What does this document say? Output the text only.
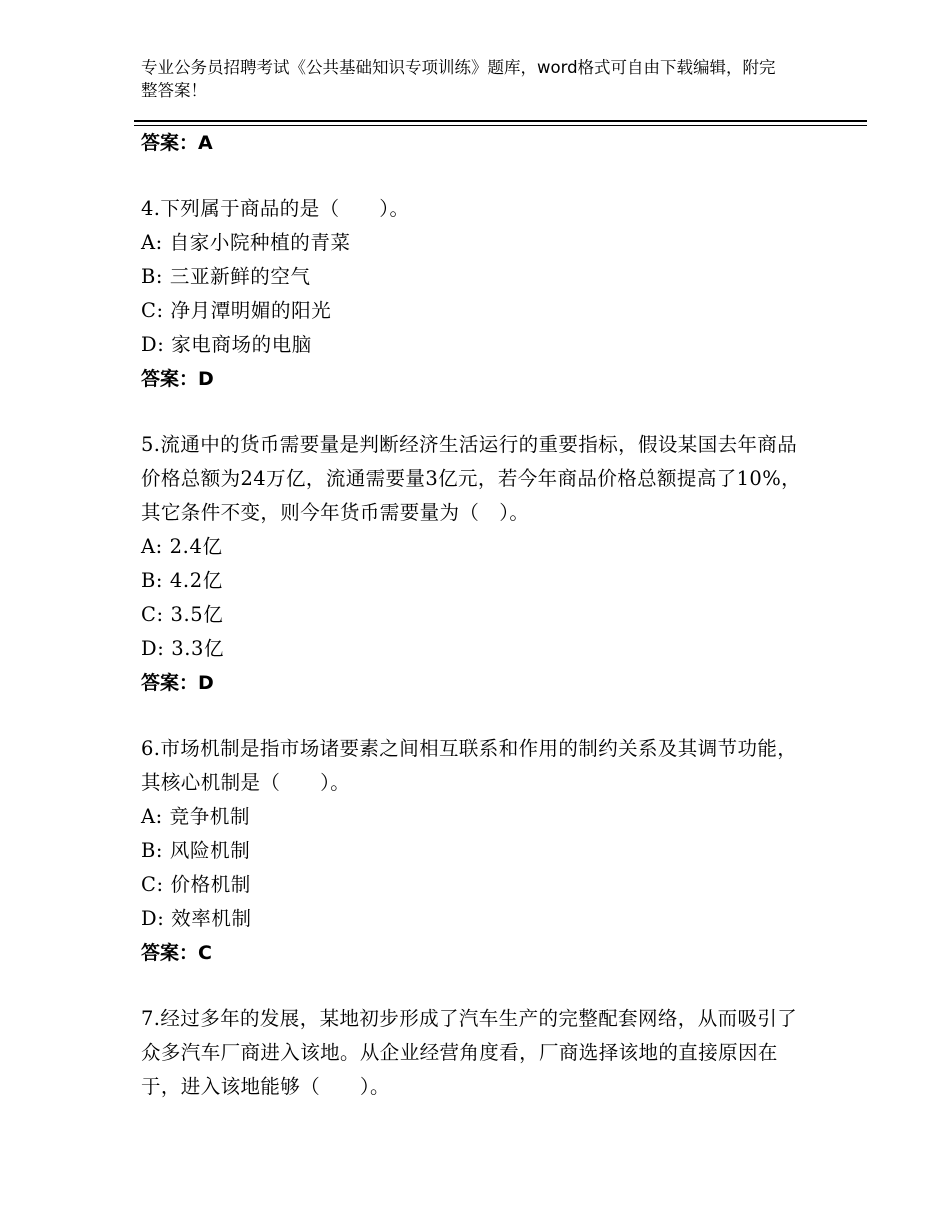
专业公务员招聘考试《公共基础知识专项训练》题库，word格式可自由下载编辑，附完整答案！
答案：A
4.下列属于商品的是（　　）。
A: 自家小院种植的青菜
B: 三亚新鲜的空气
C: 净月潭明媚的阳光
D: 家电商场的电脑
答案：D
5.流通中的货币需要量是判断经济生活运行的重要指标，假设某国去年商品价格总额为24万亿，流通需要量3亿元，若今年商品价格总额提高了10%，其它条件不变，则今年货币需要量为（　）。
A: 2.4亿
B: 4.2亿
C: 3.5亿
D: 3.3亿
答案：D
6.市场机制是指市场诸要素之间相互联系和作用的制约关系及其调节功能，其核心机制是（　　）。
A: 竞争机制
B: 风险机制
C: 价格机制
D: 效率机制
答案：C
7.经过多年的发展，某地初步形成了汽车生产的完整配套网络，从而吸引了众多汽车厂商进入该地。从企业经营角度看，厂商选择该地的直接原因在于，进入该地能够（　　）。
